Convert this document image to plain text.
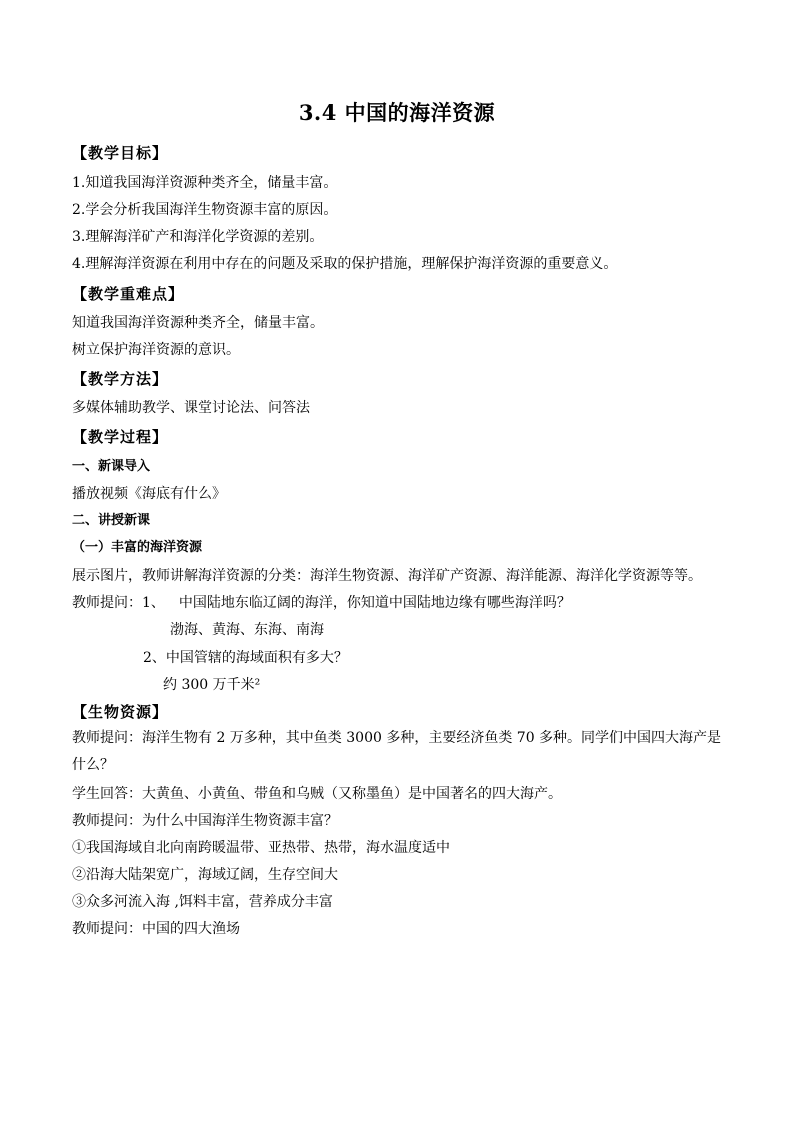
3.4 中国的海洋资源
【教学目标】
1.知道我国海洋资源种类齐全，储量丰富。
2.学会分析我国海洋生物资源丰富的原因。
3.理解海洋矿产和海洋化学资源的差别。
4.理解海洋资源在利用中存在的问题及采取的保护措施，理解保护海洋资源的重要意义。
【教学重难点】
知道我国海洋资源种类齐全，储量丰富。
树立保护海洋资源的意识。
【教学方法】
多媒体辅助教学、课堂讨论法、问答法
【教学过程】
一、新课导入
播放视频《海底有什么》
二、讲授新课
（一）丰富的海洋资源
展示图片，教师讲解海洋资源的分类：海洋生物资源、海洋矿产资源、海洋能源、海洋化学资源等等。
教师提问：1、 中国陆地东临辽阔的海洋，你知道中国陆地边缘有哪些海洋吗？
渤海、黄海、东海、南海
2、中国管辖的海域面积有多大？
约 300 万千米²
【生物资源】
教师提问：海洋生物有 2 万多种，其中鱼类 3000 多种，主要经济鱼类 70 多种。同学们中国四大海产是什么？
学生回答：大黄鱼、小黄鱼、带鱼和乌贼（又称墨鱼）是中国著名的四大海产。
教师提问：为什么中国海洋生物资源丰富？
①我国海域自北向南跨暖温带、亚热带、热带，海水温度适中
②沿海大陆架宽广，海域辽阔，生存空间大
③众多河流入海 ,饵料丰富，营养成分丰富
教师提问：中国的四大渔场
